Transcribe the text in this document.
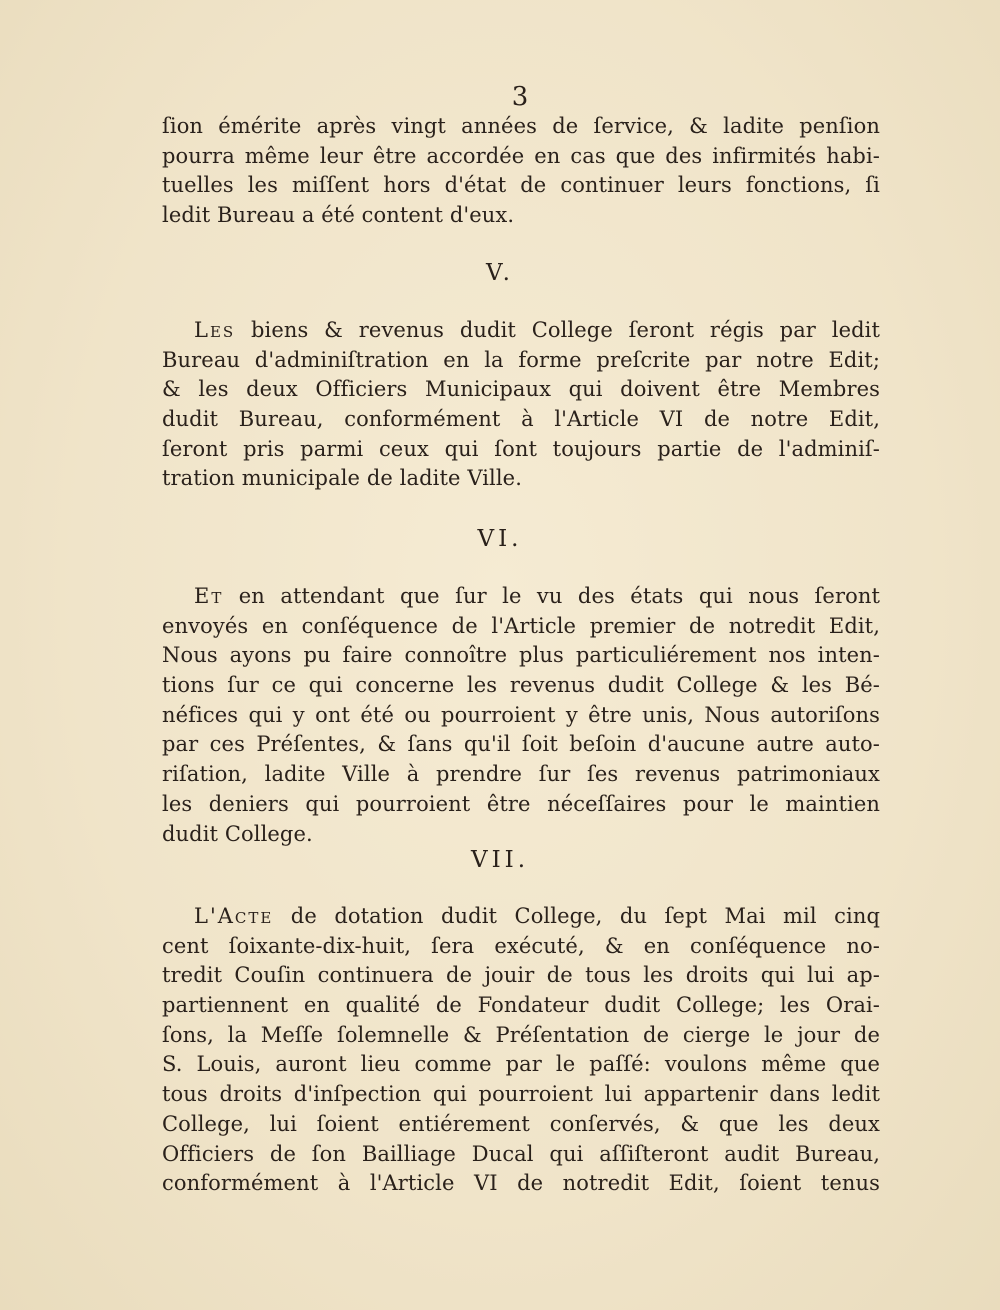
3
ſion émérite après vingt années de ſervice, & ladite penſion
pourra même leur être accordée en cas que des infirmités habi-
tuelles les miſſent hors d'état de continuer leurs fonctions, ſi
ledit Bureau a été content d'eux.
V.
Les biens & revenus dudit College ſeront régis par ledit
Bureau d'adminiſtration en la forme preſcrite par notre Edit;
& les deux Officiers Municipaux qui doivent être Membres
dudit Bureau, conformément à l'Article VI de notre Edit,
ſeront pris parmi ceux qui ſont toujours partie de l'adminiſ-
tration municipale de ladite Ville.
VI.
Et en attendant que ſur le vu des états qui nous ſeront
envoyés en conſéquence de l'Article premier de notredit Edit,
Nous ayons pu faire connoître plus particuliérement nos inten-
tions ſur ce qui concerne les revenus dudit College & les Bé-
néfices qui y ont été ou pourroient y être unis, Nous autoriſons
par ces Préſentes, & ſans qu'il ſoit beſoin d'aucune autre auto-
riſation, ladite Ville à prendre ſur ſes revenus patrimoniaux
les deniers qui pourroient être néceſſaires pour le maintien
dudit College.
VII.
L'Acte de dotation dudit College, du ſept Mai mil cinq
cent ſoixante-dix-huit, ſera exécuté, & en conſéquence no-
tredit Couſin continuera de jouir de tous les droits qui lui ap-
partiennent en qualité de Fondateur dudit College; les Orai-
ſons, la Meſſe ſolemnelle & Préſentation de cierge le jour de
S. Louis, auront lieu comme par le paſſé: voulons même que
tous droits d'inſpection qui pourroient lui appartenir dans ledit
College, lui ſoient entiérement conſervés, & que les deux
Officiers de ſon Bailliage Ducal qui aſſiſteront audit Bureau,
conformément à l'Article VI de notredit Edit, ſoient tenus
